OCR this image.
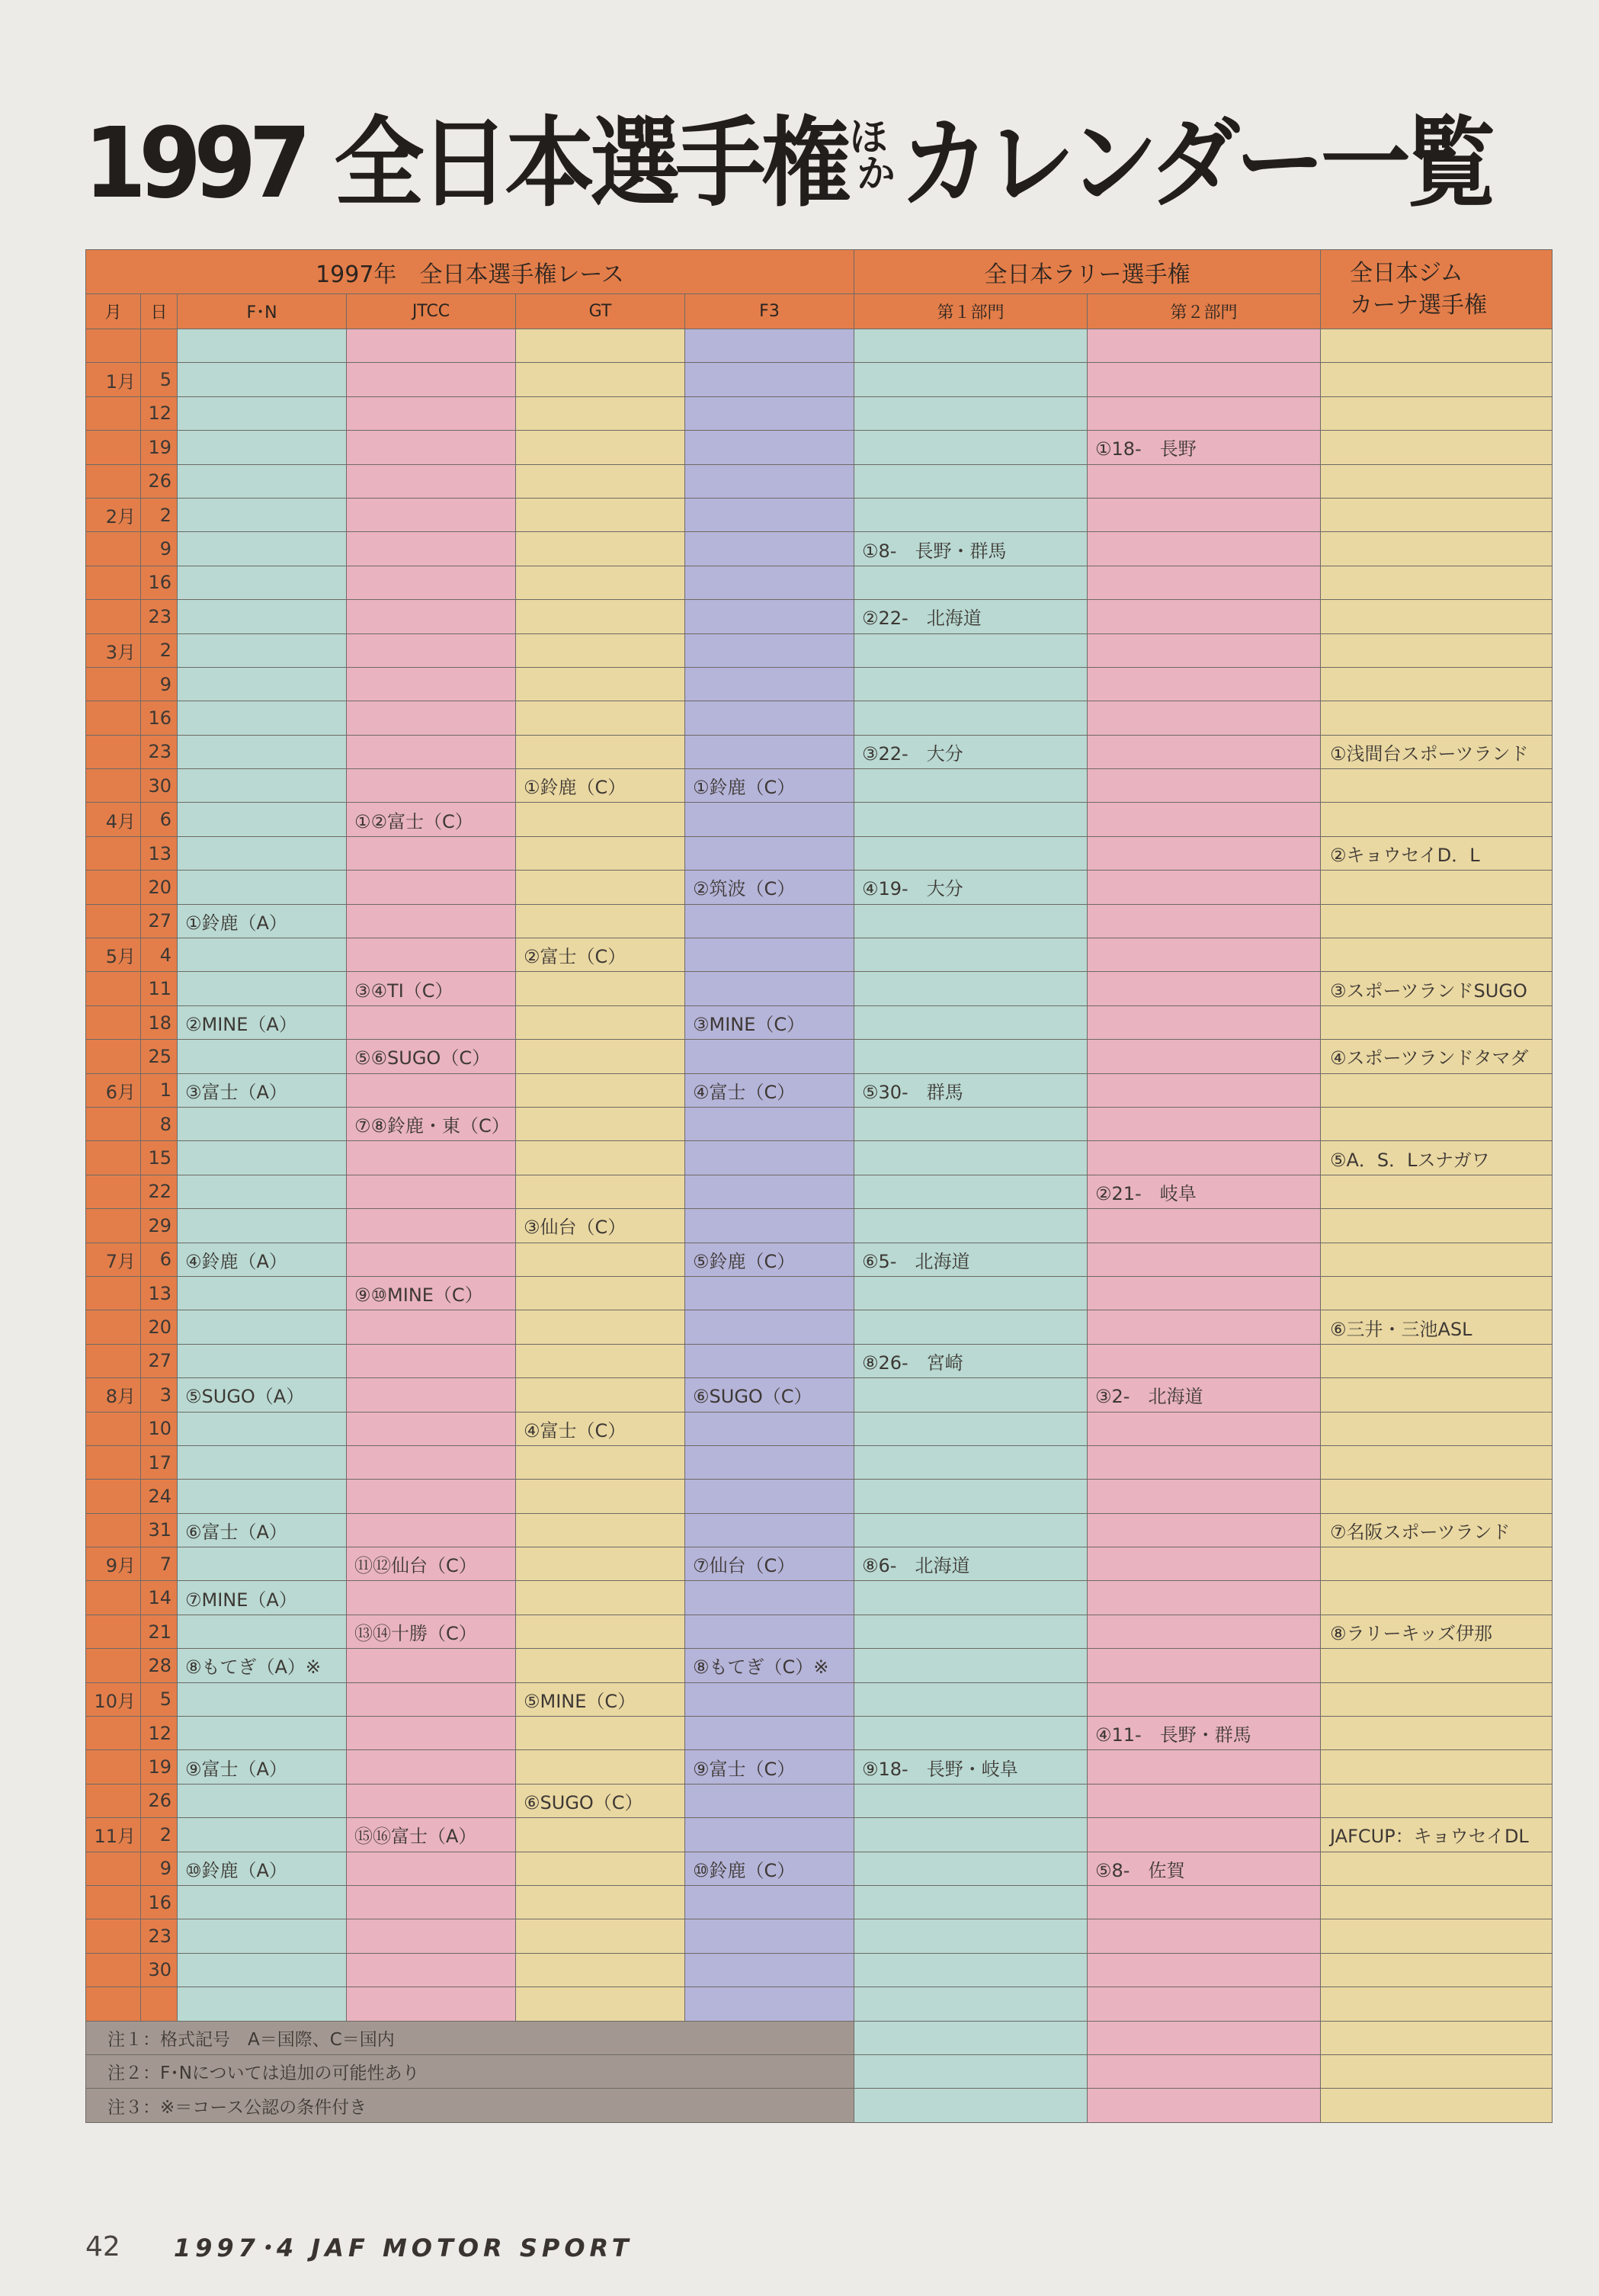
1997 全日本選手権 ほ
か カレンダー一覧
1997年　全日本選手権レース						全日本ラリー選手権		全日本ジム
カーナ選手権

月	日	F･N	JTCC	GT	F3	第１部門	第２部門	

1月	5							
	12							
	19						①18-　長野	
	26							
2月	2							
	9					①8-　長野・群馬		
	16							
	23					②22-　北海道		
3月	2							
	9							
	16							
	23					③22-　大分		①浅間台スポーツランド
	30			①鈴鹿（C）	①鈴鹿（C）			
4月	6		①②富士（C）					
	13							②キョウセイD．L
	20				②筑波（C）	④19-　大分		
	27	①鈴鹿（A）						
5月	4			②富士（C）				
	11		③④TI（C）					③スポーツランドSUGO
	18	②MINE（A）			③MINE（C）			
	25		⑤⑥SUGO（C）					④スポーツランドタマダ
6月	1	③富士（A）			④富士（C）	⑤30-　群馬		
	8		⑦⑧鈴鹿・東（C）					
	15							⑤A．S．Lスナガワ
	22						②21-　岐阜	
	29			③仙台（C）				
7月	6	④鈴鹿（A）			⑤鈴鹿（C）	⑥5-　北海道		
	13		⑨⑩MINE（C）					
	20							⑥三井・三池ASL
	27					⑧26-　宮崎		
8月	3	⑤SUGO（A）			⑥SUGO（C）		③2-　北海道	
	10			④富士（C）				
	17							
	24							
	31	⑥富士（A）						⑦名阪スポーツランド
9月	7		⑪⑫仙台（C）		⑦仙台（C）	⑧6-　北海道		
	14	⑦MINE（A）						
	21		⑬⑭十勝（C）					⑧ラリーキッズ伊那
	28	⑧もてぎ（A）※			⑧もてぎ（C）※			
10月	5			⑤MINE（C）				
	12						④11-　長野・群馬	
	19	⑨富士（A）			⑨富士（C）	⑨18-　長野・岐阜		
	26			⑥SUGO（C）				
11月	2		⑮⑯富士（A）					JAFCUP：キョウセイDL
	9	⑩鈴鹿（A）			⑩鈴鹿（C）		⑤8-　佐賀	
	16							
	23							
	30							

注１：格式記号　A＝国際、C＝国内								
注２：F･Nについては追加の可能性あり								
注３：※＝コース公認の条件付き								
42 1997･4 JAF MOTOR SPORT
